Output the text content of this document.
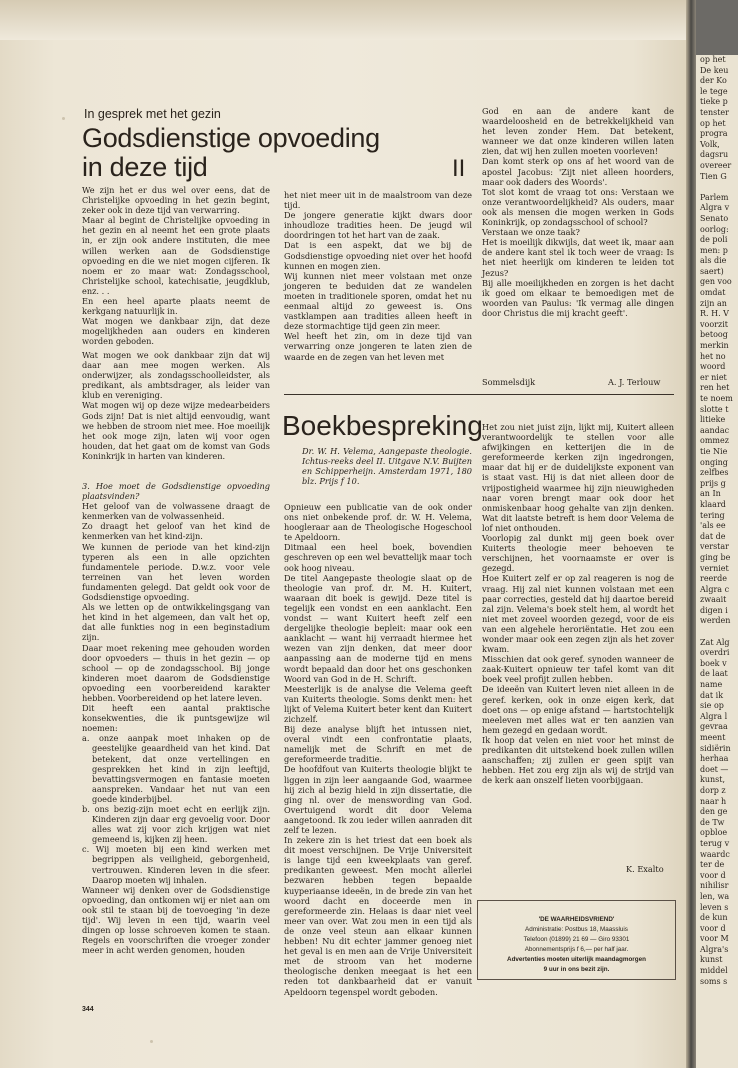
In gesprek met het gezin
Godsdienstige opvoeding
in deze tijd	II

We zijn het er dus wel over eens, dat de Christelijke opvoeding in het gezin begint, zeker ook in deze tijd van verwarring.

Maar al begint de Christelijke opvoeding in het gezin en al neemt het een grote plaats in, er zijn ook andere instituten, die mee willen werken aan de Godsdienstige opvoeding en die we niet mogen cijferen. Ik noem er zo maar wat: Zondagsschool, Christelijke school, katechisatie, jeugdklub, enz. . .

En een heel aparte plaats neemt de kerkgang natuurlijk in.

Wat mogen we dankbaar zijn, dat deze mogelijkheden aan ouders en kinderen worden geboden.

Wat mogen we ook dankbaar zijn dat wij daar aan mee mogen werken. Als onderwijzer, als zondagsschoolleidster, als predikant, als ambtsdrager, als leider van klub en vereniging.

Wat mogen wij op deze wijze medearbeiders Gods zijn! Dat is niet altijd eenvoudig, want we hebben de stroom niet mee. Hoe moeilijk het ook moge zijn, laten wij voor ogen houden, dat het gaat om de komst van Gods Koninkrijk in harten van kinderen.

3. Hoe moet de Godsdienstige opvoeding plaatsvinden?

Het geloof van de volwassene draagt de kenmerken van de volwassenheid.

Zo draagt het geloof van het kind de kenmerken van het kind-zijn.

We kunnen de periode van het kind-zijn typeren als een in alle opzichten fundamentele periode. D.w.z. voor vele terreinen van het leven worden fundamenten gelegd. Dat geldt ook voor de Godsdienstige opvoeding.

Als we letten op de ontwikkelingsgang van het kind in het algemeen, dan valt het op, dat alle funkties nog in een beginstadium zijn.

Daar moet rekening mee gehouden worden door opvoeders — thuis in het gezin — op school — op de zondagsschool. Bij jonge kinderen moet daarom de Godsdienstige opvoeding een voorbereidend karakter hebben. Voorbereidend op het latere leven.

Dit heeft een aantal praktische konsekwenties, die ik puntsgewijze wil noemen:

a. onze aanpak moet inhaken op de geestelijke geaardheid van het kind. Dat betekent, dat onze vertellingen en gesprekken het kind in zijn leeftijd, bevattingsvermogen en fantasie moeten aanspreken. Vandaar het nut van een goede kinderbijbel.

b. ons bezig-zijn moet echt en eerlijk zijn. Kinderen zijn daar erg gevoelig voor. Door alles wat zij voor zich krijgen wat niet gemeend is, kijken zij heen.

c. Wij moeten bij een kind werken met begrippen als veiligheid, geborgenheid, vertrouwen. Kinderen leven in die sfeer. Daarop moeten wij inhalen.

Wanneer wij denken over de Godsdienstige opvoeding, dan ontkomen wij er niet aan om ook stil te staan bij de toevoeging 'in deze tijd'. Wij leven in een tijd, waarin veel dingen op losse schroeven komen te staan. Regels en voorschriften die vroeger zonder meer in acht werden genomen, houden

het niet meer uit in de maalstroom van deze tijd.

De jongere generatie kijkt dwars door inhoudloze tradities heen. De jeugd wil doordringen tot het hart van de zaak.

Dat is een aspekt, dat we bij de Godsdienstige opvoeding niet over het hoofd kunnen en mogen zien.

Wij kunnen niet meer volstaan met onze jongeren te beduiden dat ze wandelen moeten in traditionele sporen, omdat het nu eenmaal altijd zo geweest is. Ons vastklampen aan tradities alleen heeft in deze stormachtige tijd geen zin meer.

Wel heeft het zin, om in deze tijd van verwarring onze jongeren te laten zien de waarde en de zegen van het leven met

God en aan de andere kant de waardeloosheid en de betrekkelijkheid van het leven zonder Hem. Dat betekent, wanneer we dat onze kinderen willen laten zien, dat wij hen zullen moeten voorleven!

Dan komt sterk op ons af het woord van de apostel Jacobus: 'Zijt niet alleen hoorders, maar ook daders des Woords'.

Tot slot komt de vraag tot ons: Verstaan we onze verantwoordelijkheid? Als ouders, maar ook als mensen die mogen werken in Gods Koninkrijk, op zondagsschool of school?

Verstaan we onze taak?

Het is moeilijk dikwijls, dat weet ik, maar aan de andere kant stel ik toch weer de vraag: Is het niet heerlijk om kinderen te leiden tot Jezus?

Bij alle moeilijkheden en zorgen is het dacht ik goed om elkaar te bemoedigen met de woorden van Paulus: 'Ik vermag alle dingen door Christus die mij kracht geeft'.

Sommelsdijk	A. J. Terlouw
Boekbespreking

Dr. W. H. Velema, Aangepaste theologie. Ichtus-reeks deel II. Uitgave N.V. Buijten en Schipperheijn. Amsterdam 1971, 180 blz. Prijs f 10.

Opnieuw een publicatie van de ook onder ons niet onbekende prof. dr. W. H. Velema, hoogleraar aan de Theologische Hogeschool te Apeldoorn.

Ditmaal een heel boek, bovendien geschreven op een wel bevattelijk maar toch ook hoog niveau.

De titel Aangepaste theologie slaat op de theologie van prof. dr. M. H. Kuitert, waaraan dit boek is gewijd. Deze titel is tegelijk een vondst en een aanklacht. Een vondst — want Kuitert heeft zelf een dergelijke theologie bepleit: maar ook een aanklacht — want hij verraadt hiermee het wezen van zijn denken, dat meer door aanpassing aan de moderne tijd en mens wordt bepaald dan door het ons geschonken Woord van God in de H. Schrift.

Meesterlijk is de analyse die Velema geeft van Kuiterts theologie. Soms denkt men: het lijkt of Velema Kuitert beter kent dan Kuitert zichzelf.

Bij deze analyse blijft het intussen niet, overal vindt een confrontatie plaats, namelijk met de Schrift en met de gereformeerde traditie.

De hoofdfout van Kuiterts theologie blijkt te liggen in zijn leer aangaande God, waarmee hij zich al bezig hield in zijn dissertatie, die ging nl. over de menswording van God. Overtuigend wordt dit door Velema aangetoond. Ik zou ieder willen aanraden dit zelf te lezen.

In zekere zin is het triest dat een boek als dit moest verschijnen. De Vrije Universiteit is lange tijd een kweekplaats van geref. predikanten geweest. Men mocht allerlei bezwaren hebben tegen bepaalde kuyperiaanse ideeën, in de brede zin van het woord dacht en doceerde men in gereformeerde zin. Helaas is daar niet veel meer van over. Wat zou men in een tijd als de onze veel steun aan elkaar kunnen hebben! Nu dit echter jammer genoeg niet het geval is en men aan de Vrije Universiteit met de stroom van het moderne theologische denken meegaat is het een reden tot dankbaarheid dat er vanuit Apeldoorn tegenspel wordt geboden.

Het zou niet juist zijn, lijkt mij, Kuitert alleen verantwoordelijk te stellen voor alle afwijkingen en ketterijen die in de gereformeerde kerken zijn ingedrongen, maar dat hij er de duidelijkste exponent van is staat vast. Hij is dat niet alleen door de vrijpostigheid waarmee hij zijn nieuwigheden naar voren brengt maar ook door het onmiskenbaar hoog gehalte van zijn denken. Wat dit laatste betreft is hem door Velema de lof niet onthouden.

Voorlopig zal dunkt mij geen boek over Kuiterts theologie meer behoeven te verschijnen, het voornaamste er over is gezegd.

Hoe Kuitert zelf er op zal reageren is nog de vraag. Hij zal niet kunnen volstaan met een paar correcties, gesteld dat hij daartoe bereid zal zijn. Velema's boek stelt hem, al wordt het niet met zoveel woorden gezegd, voor de eis van een algehele heroriëntatie. Het zou een wonder maar ook een zegen zijn als het zover kwam.

Misschien dat ook geref. synoden wanneer de zaak-Kuitert opnieuw ter tafel komt van dit boek veel profijt zullen hebben.

De ideeën van Kuitert leven niet alleen in de geref. kerken, ook in onze eigen kerk, dat doet ons — op enige afstand — hartstochtelijk meeleven met alles wat er ten aanzien van hem gezegd en gedaan wordt.

Ik hoop dat velen en niet voor het minst de predikanten dit uitstekend boek zullen willen aanschaffen; zij zullen er geen spijt van hebben. Het zou erg zijn als wij de strijd van de kerk aan onszelf lieten voorbijgaan.

K. Exalto
'DE WAARHEIDSVRIEND'
Administratie: Postbus 18, Maassluis
Telefoon (01899) 21 69 — Giro 93301
Abonnementsprijs f 6,— per half jaar.
Advertenties moeten uiterlijk maandagmorgen
9 uur in ons bezit zijn.
344
op het
De keu
der Ko
le tege
tieke p
tenster
op het
progra
Volk,
dagsru
overeer
Tien G

Parlem
Algra v
Senato
oorlog:
de poli
men: p
als die
saert)
gen voo
omdat
zijn an
R. H. V
voorzit
betoog
merkin
het no
woord
er niet
ren het
te noem
slotte t
litieke
aandac
ommez
tie Nie
onging
zelfbes
prijs g
an In
klaard
tering
'als ee
dat de
verstar
ging be
verniet
reerde
Algra c
zwaait
digen i
werden

Zat Alg
overdri
boek v
de laat
name
dat ik
sie op
Algra l
gevraa
meent
sidiërin
herhaa
doet —
kunst,
dorp z
naar h
den ge
de Tw
opbloe
terug v
waardc
ter de
voor d
nihilisr
len, wa
leven s
de kun
voor d
voor M
Algra's
kunst
middel
soms s
